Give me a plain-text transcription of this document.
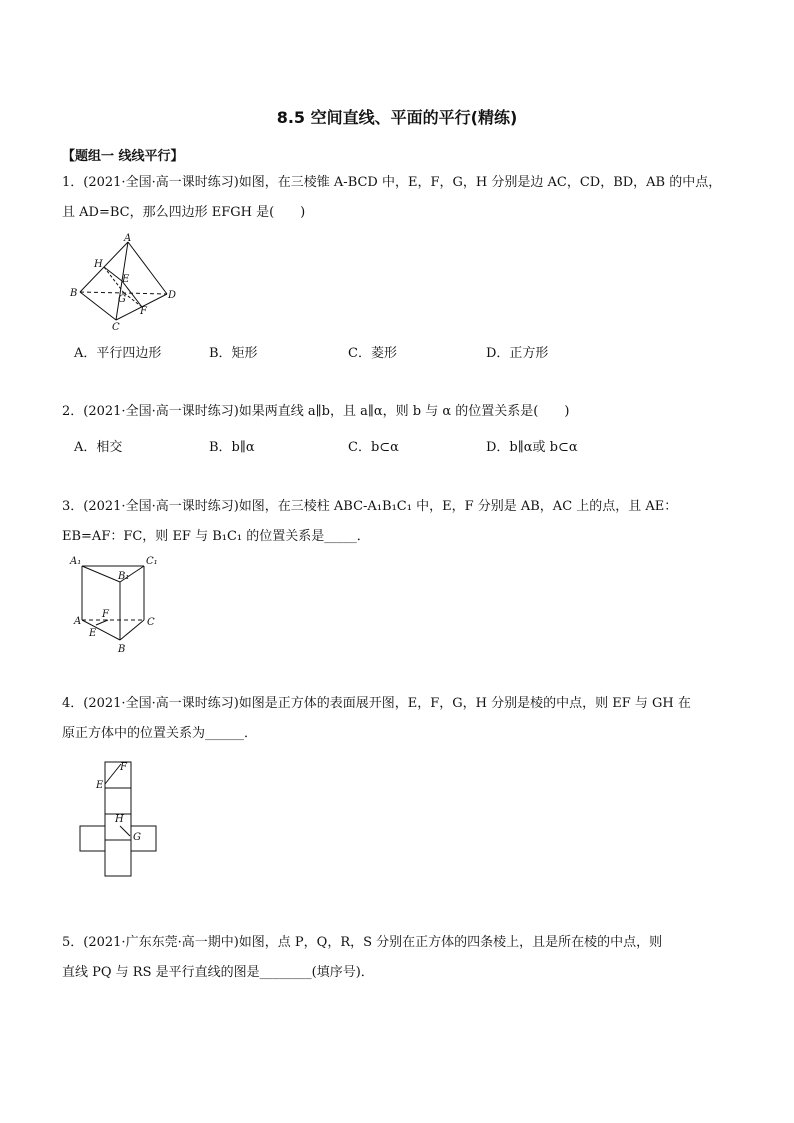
8.5 空间直线、平面的平行(精练)
【题组一 线线平行】
1．(2021·全国·高一课时练习)如图，在三棱锥 A-BCD 中，E，F，G，H 分别是边 AC，CD，BD，AB 的中点，
且 AD=BC，那么四边形 EFGH 是(　　)
A
H
E
B
G	D
F
C
A．平行四边形	B．矩形	C．菱形	D．正方形
2．(2021·全国·高一课时练习)如果两直线 a∥b，且 a∥α，则 b 与 α 的位置关系是(　　)
A．相交	B．b∥α	C．b⊂α	D．b∥α或 b⊂α
3．(2021·全国·高一课时练习)如图，在三棱柱 ABC-A₁B₁C₁ 中，E，F 分别是 AB，AC 上的点，且 AE：
EB=AF：FC，则 EF 与 B₁C₁ 的位置关系是_____．
A₁	C₁
B₁
F
A	C
E
B
4．(2021·全国·高一课时练习)如图是正方体的表面展开图，E，F，G，H 分别是棱的中点，则 EF 与 GH 在
原正方体中的位置关系为______．
F
E
H
G
5．(2021·广东东莞·高一期中)如图，点 P，Q，R，S 分别在正方体的四条棱上，且是所在棱的中点，则
直线 PQ 与 RS 是平行直线的图是________(填序号)．
